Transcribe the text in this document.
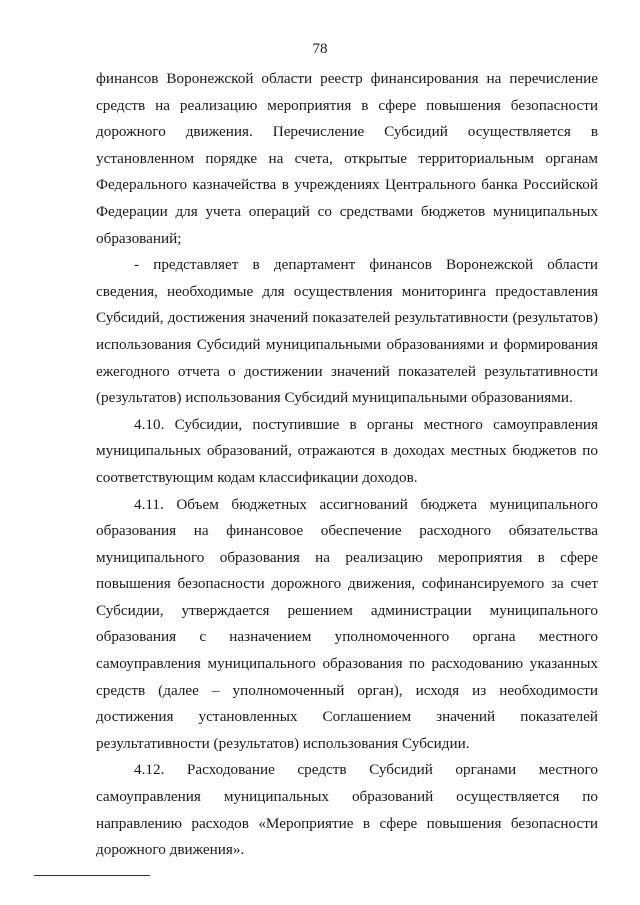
78

финансов Воронежской области реестр финансирования на перечисление средств на реализацию мероприятия в сфере повышения безопасности дорожного движения. Перечисление Субсидий осуществляется в установленном порядке на счета, открытые территориальным органам Федерального казначейства в учреждениях Центрального банка Российской Федерации для учета операций со средствами бюджетов муниципальных образований;

- представляет в департамент финансов Воронежской области сведения, необходимые для осуществления мониторинга предоставления Субсидий, достижения значений показателей результативности (результатов) использования Субсидий муниципальными образованиями и формирования ежегодного отчета о достижении значений показателей результативности (результатов) использования Субсидий муниципальными образованиями.

4.10. Субсидии, поступившие в органы местного самоуправления муниципальных образований, отражаются в доходах местных бюджетов по соответствующим кодам классификации доходов.

4.11. Объем бюджетных ассигнований бюджета муниципального образования на финансовое обеспечение расходного обязательства муниципального образования на реализацию мероприятия в сфере повышения безопасности дорожного движения, софинансируемого за счет Субсидии, утверждается решением администрации муниципального образования с назначением уполномоченного органа местного самоуправления муниципального образования по расходованию указанных средств (далее – уполномоченный орган), исходя из необходимости достижения установленных Соглашением значений показателей результативности (результатов) использования Субсидии.

4.12. Расходование средств Субсидий органами местного самоуправления муниципальных образований осуществляется по направлению расходов «Мероприятие в сфере повышения безопасности дорожного движения».
